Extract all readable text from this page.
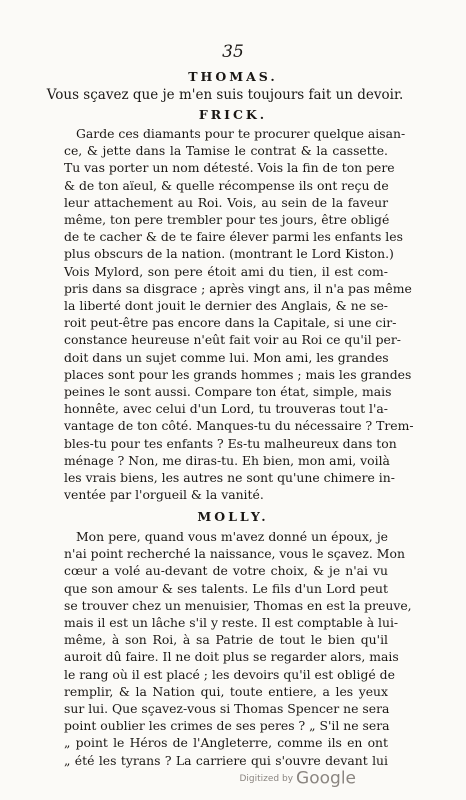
35
THOMAS.
Vous sçavez que je m'en suis toujours fait un devoir.
FRICK.
Garde ces diamants pour te procurer quelque aisan-
ce, & jette dans la Tamise le contrat & la cassette.
Tu vas porter un nom détesté. Vois la fin de ton pere
& de ton aïeul, & quelle récompense ils ont reçu de
leur attachement au Roi. Vois, au sein de la faveur
même, ton pere trembler pour tes jours, être obligé
de te cacher & de te faire élever parmi les enfants les
plus obscurs de la nation. (montrant le Lord Kiston.)
Vois Mylord, son pere étoit ami du tien, il est com-
pris dans sa disgrace ; après vingt ans, il n'a pas même
la liberté dont jouit le dernier des Anglais, & ne se-
roit peut-être pas encore dans la Capitale, si une cir-
constance heureuse n'eût fait voir au Roi ce qu'il per-
doit dans un sujet comme lui. Mon ami, les grandes
places sont pour les grands hommes ; mais les grandes
peines le sont aussi. Compare ton état, simple, mais
honnête, avec celui d'un Lord, tu trouveras tout l'a-
vantage de ton côté. Manques-tu du nécessaire ? Trem-
bles-tu pour tes enfants ? Es-tu malheureux dans ton
ménage ? Non, me diras-tu. Eh bien, mon ami, voilà
les vrais biens, les autres ne sont qu'une chimere in-
ventée par l'orgueil & la vanité.
MOLLY.
Mon pere, quand vous m'avez donné un époux, je
n'ai point recherché la naissance, vous le sçavez. Mon
cœur a volé au-devant de votre choix, & je n'ai vu
que son amour & ses talents. Le fils d'un Lord peut
se trouver chez un menuisier, Thomas en est la preuve,
mais il est un lâche s'il y reste. Il est comptable à lui-
même, à son Roi, à sa Patrie de tout le bien qu'il
auroit dû faire. Il ne doit plus se regarder alors, mais
le rang où il est placé ; les devoirs qu'il est obligé de
remplir, & la Nation qui, toute entiere, a les yeux
sur lui. Que sçavez-vous si Thomas Spencer ne sera
point oublier les crimes de ses peres ? „ S'il ne sera
„ point le Héros de l'Angleterre, comme ils en ont
„ été les tyrans ? La carriere qui s'ouvre devant lui
Digitized by Google
